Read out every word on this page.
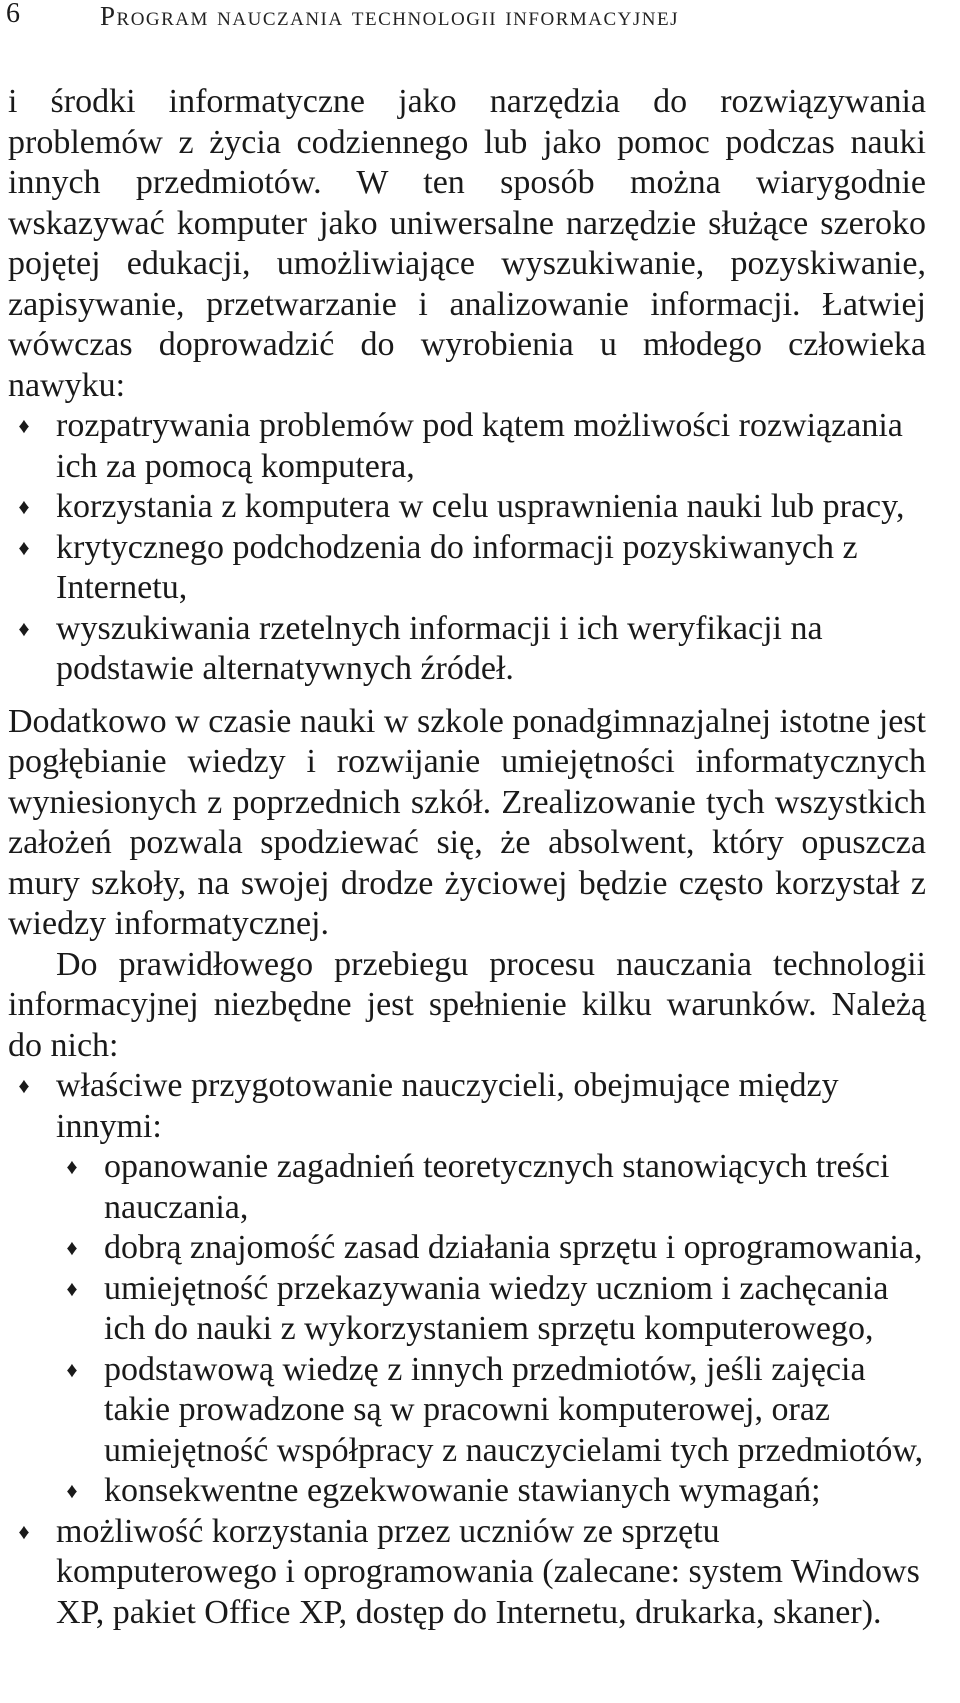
6	Program nauczania technologii informacyjnej

i środki informatyczne jako narzędzia do rozwiązywania problemów z życia codziennego lub jako pomoc podczas nauki innych przedmiotów. W ten sposób można wiarygodnie wskazywać komputer jako uniwersalne narzędzie służące szeroko pojętej edukacji, umożliwiające wyszukiwanie, pozyskiwanie, zapisywanie, przetwarzanie i analizowanie informacji. Łatwiej wówczas doprowadzić do wyrobienia u młodego człowieka nawyku:

♦ rozpatrywania problemów pod kątem możliwości rozwiązania ich za pomocą komputera,
♦ korzystania z komputera w celu usprawnienia nauki lub pracy,
♦ krytycznego podchodzenia do informacji pozyskiwanych z Internetu,
♦ wyszukiwania rzetelnych informacji i ich weryfikacji na podstawie alternatywnych źródeł.

Dodatkowo w czasie nauki w szkole ponadgimnazjalnej istotne jest pogłębianie wiedzy i rozwijanie umiejętności informatycznych wyniesionych z poprzednich szkół. Zrealizowanie tych wszystkich założeń pozwala spodziewać się, że absolwent, który opuszcza mury szkoły, na swojej drodze życiowej będzie często korzystał z wiedzy informatycznej.

Do prawidłowego przebiegu procesu nauczania technologii informacyjnej niezbędne jest spełnienie kilku warunków. Należą do nich:

♦ właściwe przygotowanie nauczycieli, obejmujące między innymi:
♦ opanowanie zagadnień teoretycznych stanowiących treści nauczania,
♦ dobrą znajomość zasad działania sprzętu i oprogramowania,
♦ umiejętność przekazywania wiedzy uczniom i zachęcania ich do nauki z wykorzystaniem sprzętu komputerowego,
♦ podstawową wiedzę z innych przedmiotów, jeśli zajęcia takie prowadzone są w pracowni komputerowej, oraz umiejętność współpracy z nauczycielami tych przedmiotów,
♦ konsekwentne egzekwowanie stawianych wymagań;
♦ możliwość korzystania przez uczniów ze sprzętu komputerowego i oprogramowania (zalecane: system Windows XP, pakiet Office XP, dostęp do Internetu, drukarka, skaner).
